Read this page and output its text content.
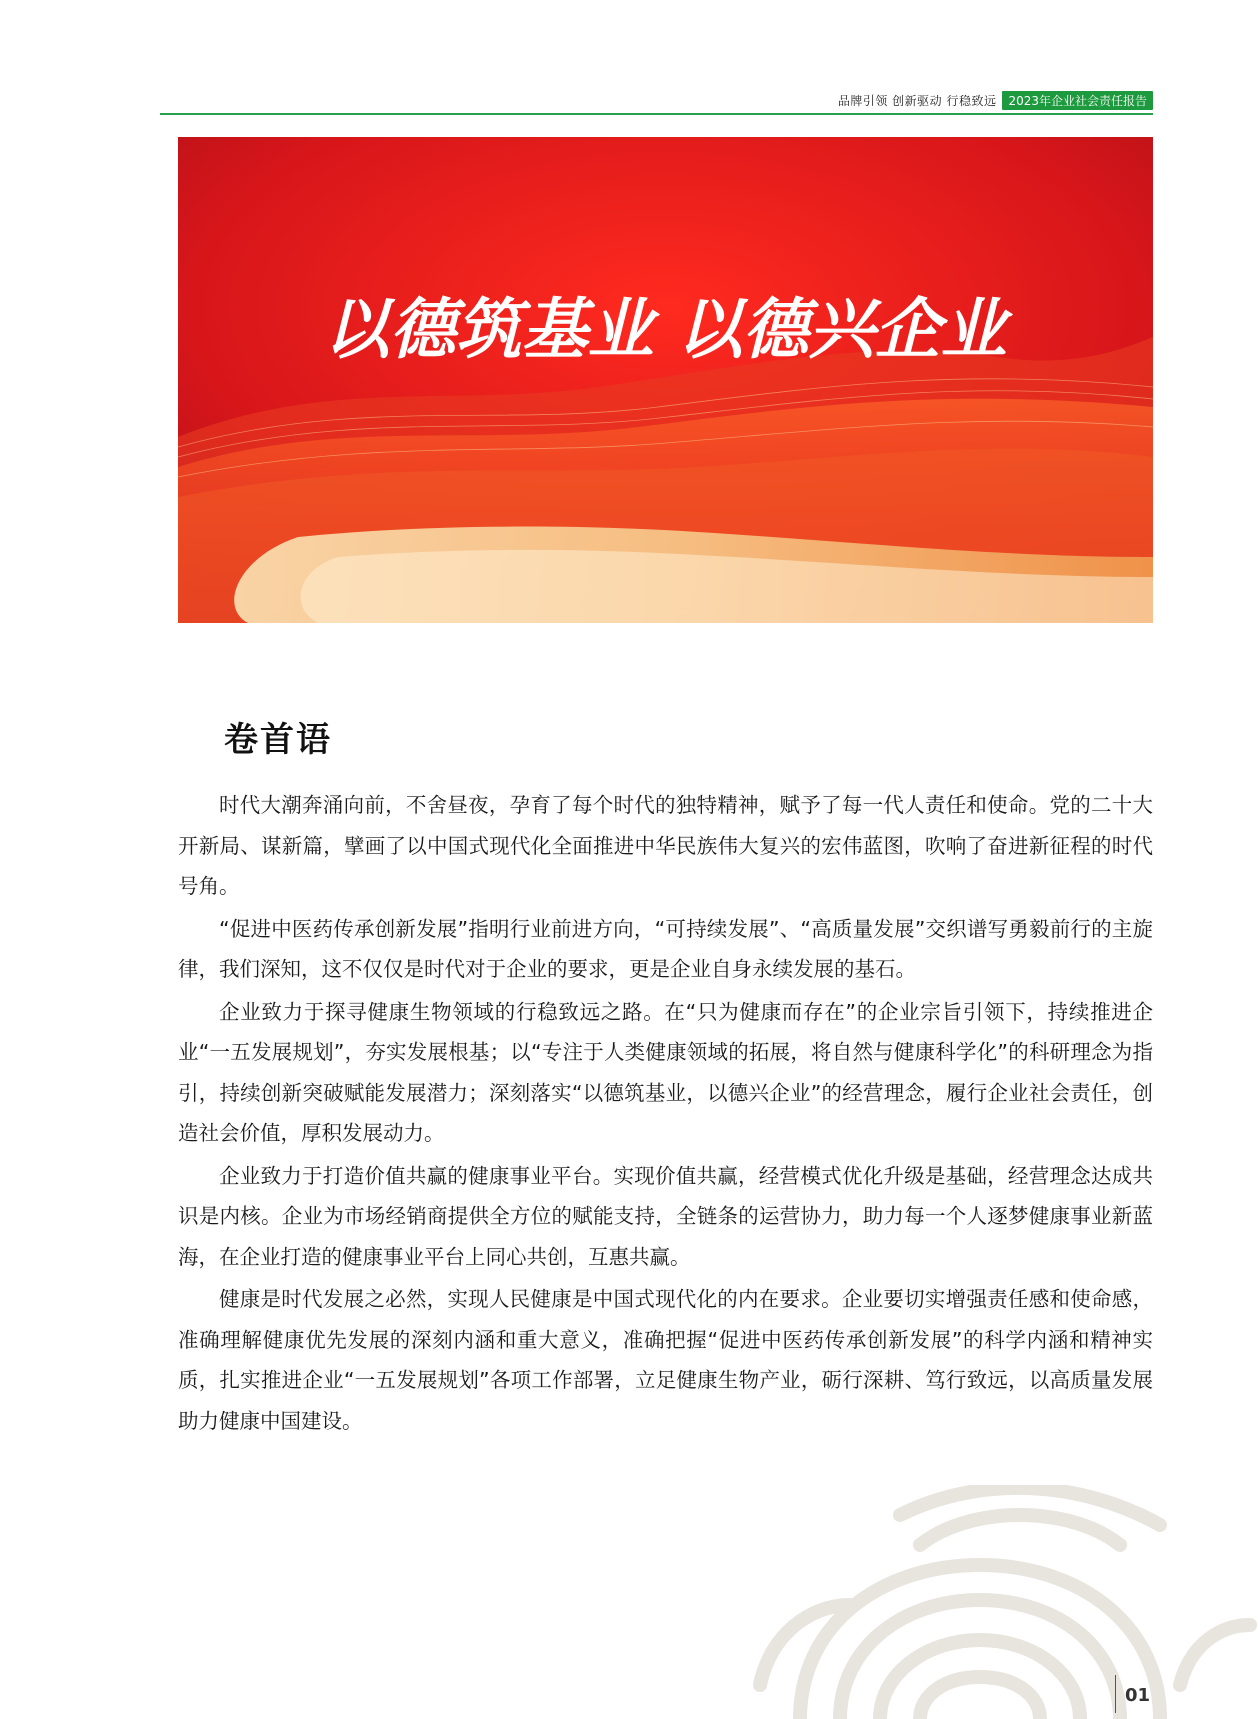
品牌引领 创新驱动 行稳致远	2023年企业社会责任报告
以德筑基业 以德兴企业
卷首语

时代大潮奔涌向前，不舍昼夜，孕育了每个时代的独特精神，赋予了每一代人责任和使命。党的二十大开新局、谋新篇，擘画了以中国式现代化全面推进中华民族伟大复兴的宏伟蓝图，吹响了奋进新征程的时代号角。

“促进中医药传承创新发展”指明行业前进方向，“可持续发展”、“高质量发展”交织谱写勇毅前行的主旋律，我们深知，这不仅仅是时代对于企业的要求，更是企业自身永续发展的基石。

企业致力于探寻健康生物领域的行稳致远之路。在“只为健康而存在”的企业宗旨引领下，持续推进企业“一五发展规划”，夯实发展根基；以“专注于人类健康领域的拓展，将自然与健康科学化”的科研理念为指引，持续创新突破赋能发展潜力；深刻落实“以德筑基业，以德兴企业”的经营理念，履行企业社会责任，创造社会价值，厚积发展动力。

企业致力于打造价值共赢的健康事业平台。实现价值共赢，经营模式优化升级是基础，经营理念达成共识是内核。企业为市场经销商提供全方位的赋能支持，全链条的运营协力，助力每一个人逐梦健康事业新蓝海，在企业打造的健康事业平台上同心共创，互惠共赢。

健康是时代发展之必然，实现人民健康是中国式现代化的内在要求。企业要切实增强责任感和使命感，准确理解健康优先发展的深刻内涵和重大意义，准确把握“促进中医药传承创新发展”的科学内涵和精神实质，扎实推进企业“一五发展规划”各项工作部署，立足健康生物产业，砺行深耕、笃行致远，以高质量发展助力健康中国建设。

01
